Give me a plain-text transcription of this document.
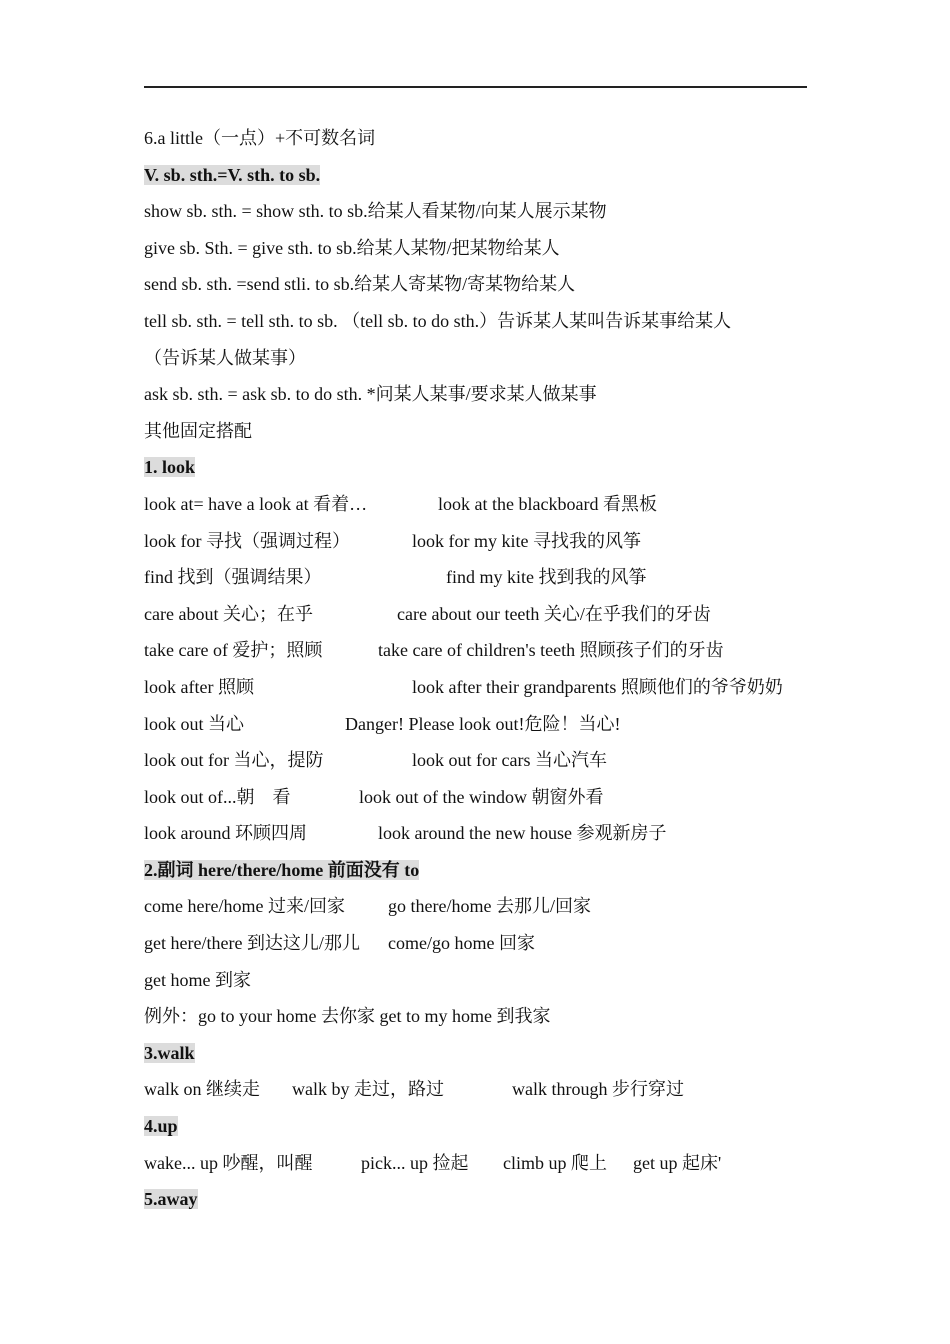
6.a little（一点）+不可数名词
V. sb. sth.=V. sth. to sb.
show sb. sth. = show sth. to sb.给某人看某物/向某人展示某物
give sb. Sth. = give sth. to sb.给某人某物/把某物给某人
send sb. sth. =send stli. to sb.给某人寄某物/寄某物给某人
tell sb. sth. = tell sth. to sb. （tell sb. to do sth.）告诉某人某叫告诉某事给某人
（告诉某人做某事）
ask sb. sth. = ask sb. to do sth. *问某人某事/要求某人做某事
其他固定搭配
1. look
look at= have a look at 看着…	look at the blackboard 看黑板
look for 寻找（强调过程）	look for my kite 寻找我的风筝
find 找到（强调结果）	find my kite 找到我的风筝
care about 关心；在乎	care about our teeth 关心/在乎我们的牙齿
take care of 爱护；照顾	take care of children's teeth 照顾孩子们的牙齿
look after 照顾	look after their grandparents 照顾他们的爷爷奶奶
look out 当心	Danger! Please look out!危险！当心!
look out for 当心，提防	look out for cars 当心汽车
look out of...朝　看	look out of the window 朝窗外看
look around 环顾四周	look around the new house 参观新房子
2.副词 here/there/home 前面没有 to
come here/home 过来/回家 go there/home 去那儿/回家
get here/there 到达这儿/那儿 come/go home 回家
get home 到家
例外：go to your home 去你家 get to my home 到我家
3.walk
walk on 继续走 walk by 走过，路过	walk through 步行穿过
4.up
wake... up 吵醒，叫醒	pick... up 捡起 climb up 爬上 get up 起床'
5.away
